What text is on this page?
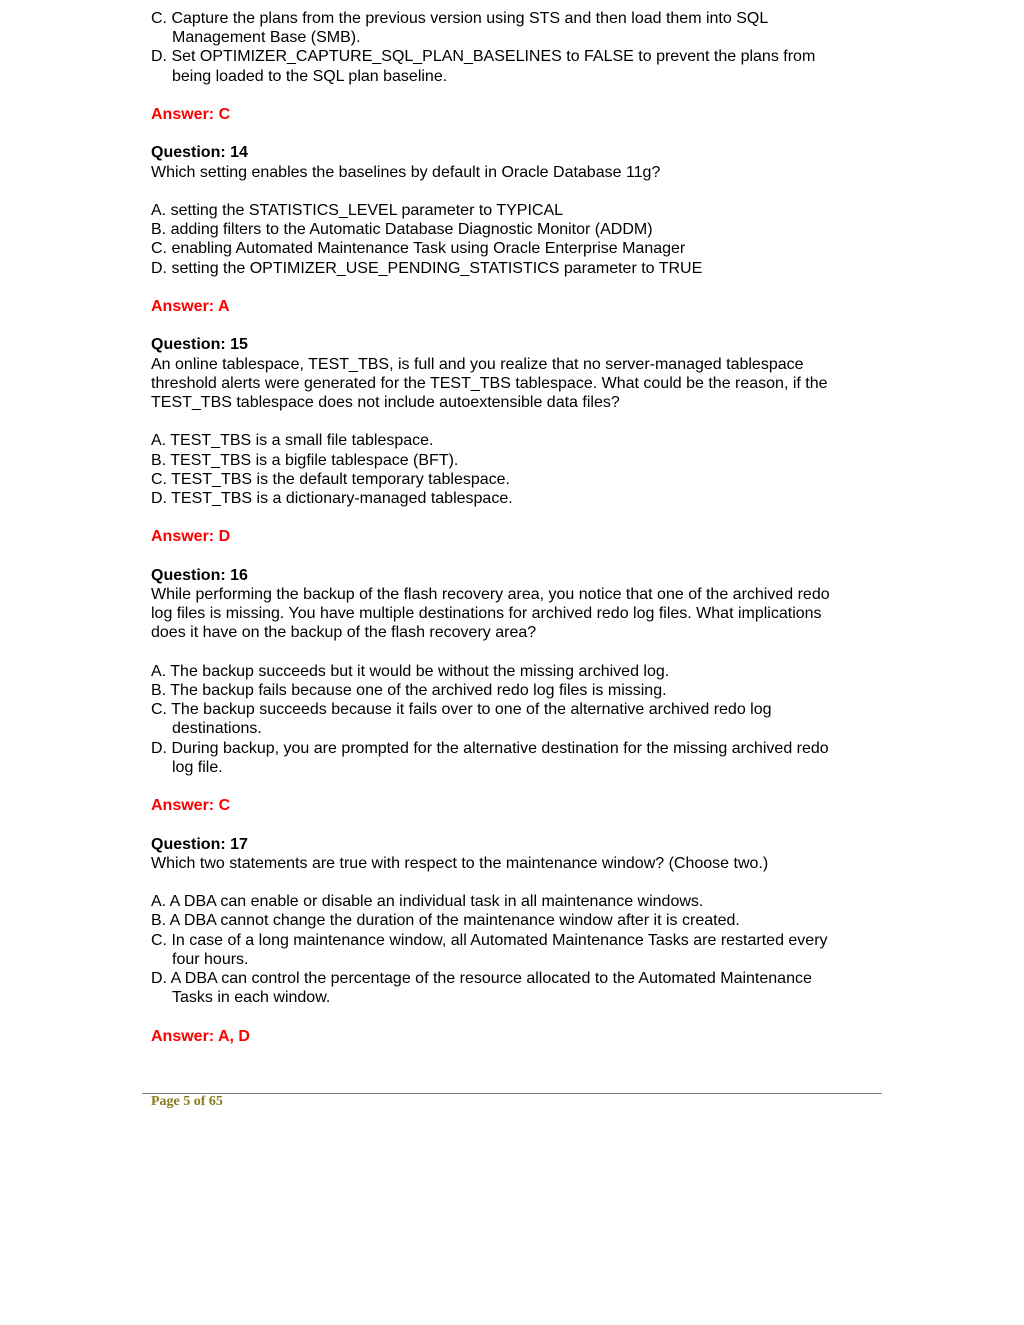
C. Capture the plans from the previous version using STS and then load them into SQL
Management Base (SMB).
D. Set OPTIMIZER_CAPTURE_SQL_PLAN_BASELINES to FALSE to prevent the plans from
being loaded to the SQL plan baseline.
Answer: C
Question: 14
Which setting enables the baselines by default in Oracle Database 11g?
A. setting the STATISTICS_LEVEL parameter to TYPICAL
B. adding filters to the Automatic Database Diagnostic Monitor (ADDM)
C. enabling Automated Maintenance Task using Oracle Enterprise Manager
D. setting the OPTIMIZER_USE_PENDING_STATISTICS parameter to TRUE
Answer: A
Question: 15
An online tablespace, TEST_TBS, is full and you realize that no server-managed tablespace
threshold alerts were generated for the TEST_TBS tablespace. What could be the reason, if the
TEST_TBS tablespace does not include autoextensible data files?
A. TEST_TBS is a small file tablespace.
B. TEST_TBS is a bigfile tablespace (BFT).
C. TEST_TBS is the default temporary tablespace.
D. TEST_TBS is a dictionary-managed tablespace.
Answer: D
Question: 16
While performing the backup of the flash recovery area, you notice that one of the archived redo
log files is missing. You have multiple destinations for archived redo log files. What implications
does it have on the backup of the flash recovery area?
A. The backup succeeds but it would be without the missing archived log.
B. The backup fails because one of the archived redo log files is missing.
C. The backup succeeds because it fails over to one of the alternative archived redo log
destinations.
D. During backup, you are prompted for the alternative destination for the missing archived redo
log file.
Answer: C
Question: 17
Which two statements are true with respect to the maintenance window? (Choose two.)
A. A DBA can enable or disable an individual task in all maintenance windows.
B. A DBA cannot change the duration of the maintenance window after it is created.
C. In case of a long maintenance window, all Automated Maintenance Tasks are restarted every
four hours.
D. A DBA can control the percentage of the resource allocated to the Automated Maintenance
Tasks in each window.
Answer: A, D
Page 5 of 65
